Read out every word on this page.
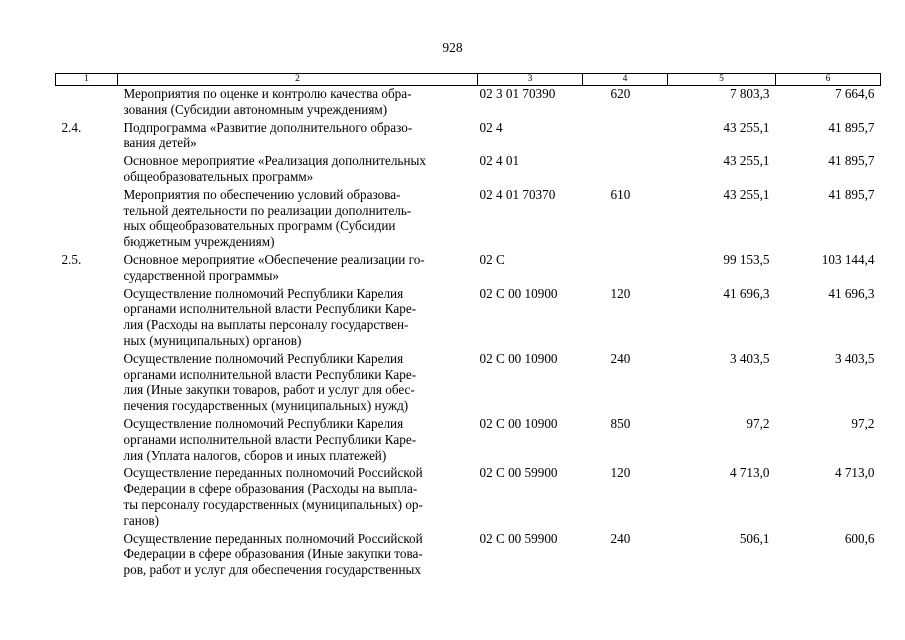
928
1	2	3	4	5	6
	Мероприятия по оценке и контролю качества обра-
зования (Субсидии автономным учреждениям)	02 3 01 70390	620	7 803,3	7 664,6
2.4.	Подпрограмма «Развитие дополнительного образо-
вания детей»	02 4		43 255,1	41 895,7
	Основное мероприятие «Реализация дополнительных
общеобразовательных программ»	02 4 01		43 255,1	41 895,7
	Мероприятия по обеспечению условий образова-
тельной деятельности по реализации дополнитель-
ных общеобразовательных программ (Субсидии
бюджетным учреждениям)	02 4 01 70370	610	43 255,1	41 895,7
2.5.	Основное мероприятие «Обеспечение реализации го-
сударственной программы»	02 С		99 153,5	103 144,4
	Осуществление полномочий Республики Карелия
органами исполнительной власти Республики Каре-
лия (Расходы на выплаты персоналу государствен-
ных (муниципальных) органов)	02 С 00 10900	120	41 696,3	41 696,3
	Осуществление полномочий Республики Карелия
органами исполнительной власти Республики Каре-
лия (Иные закупки товаров, работ и услуг для обес-
печения государственных (муниципальных) нужд)	02 С 00 10900	240	3 403,5	3 403,5
	Осуществление полномочий Республики Карелия
органами исполнительной власти Республики Каре-
лия (Уплата налогов, сборов и иных платежей)	02 С 00 10900	850	97,2	97,2
	Осуществление переданных полномочий Российской
Федерации в сфере образования (Расходы на выпла-
ты персоналу государственных (муниципальных) ор-
ганов)	02 С 00 59900	120	4 713,0	4 713,0
	Осуществление переданных полномочий Российской
Федерации в сфере образования (Иные закупки това-
ров, работ и услуг для обеспечения государственных	02 С 00 59900	240	506,1	600,6
